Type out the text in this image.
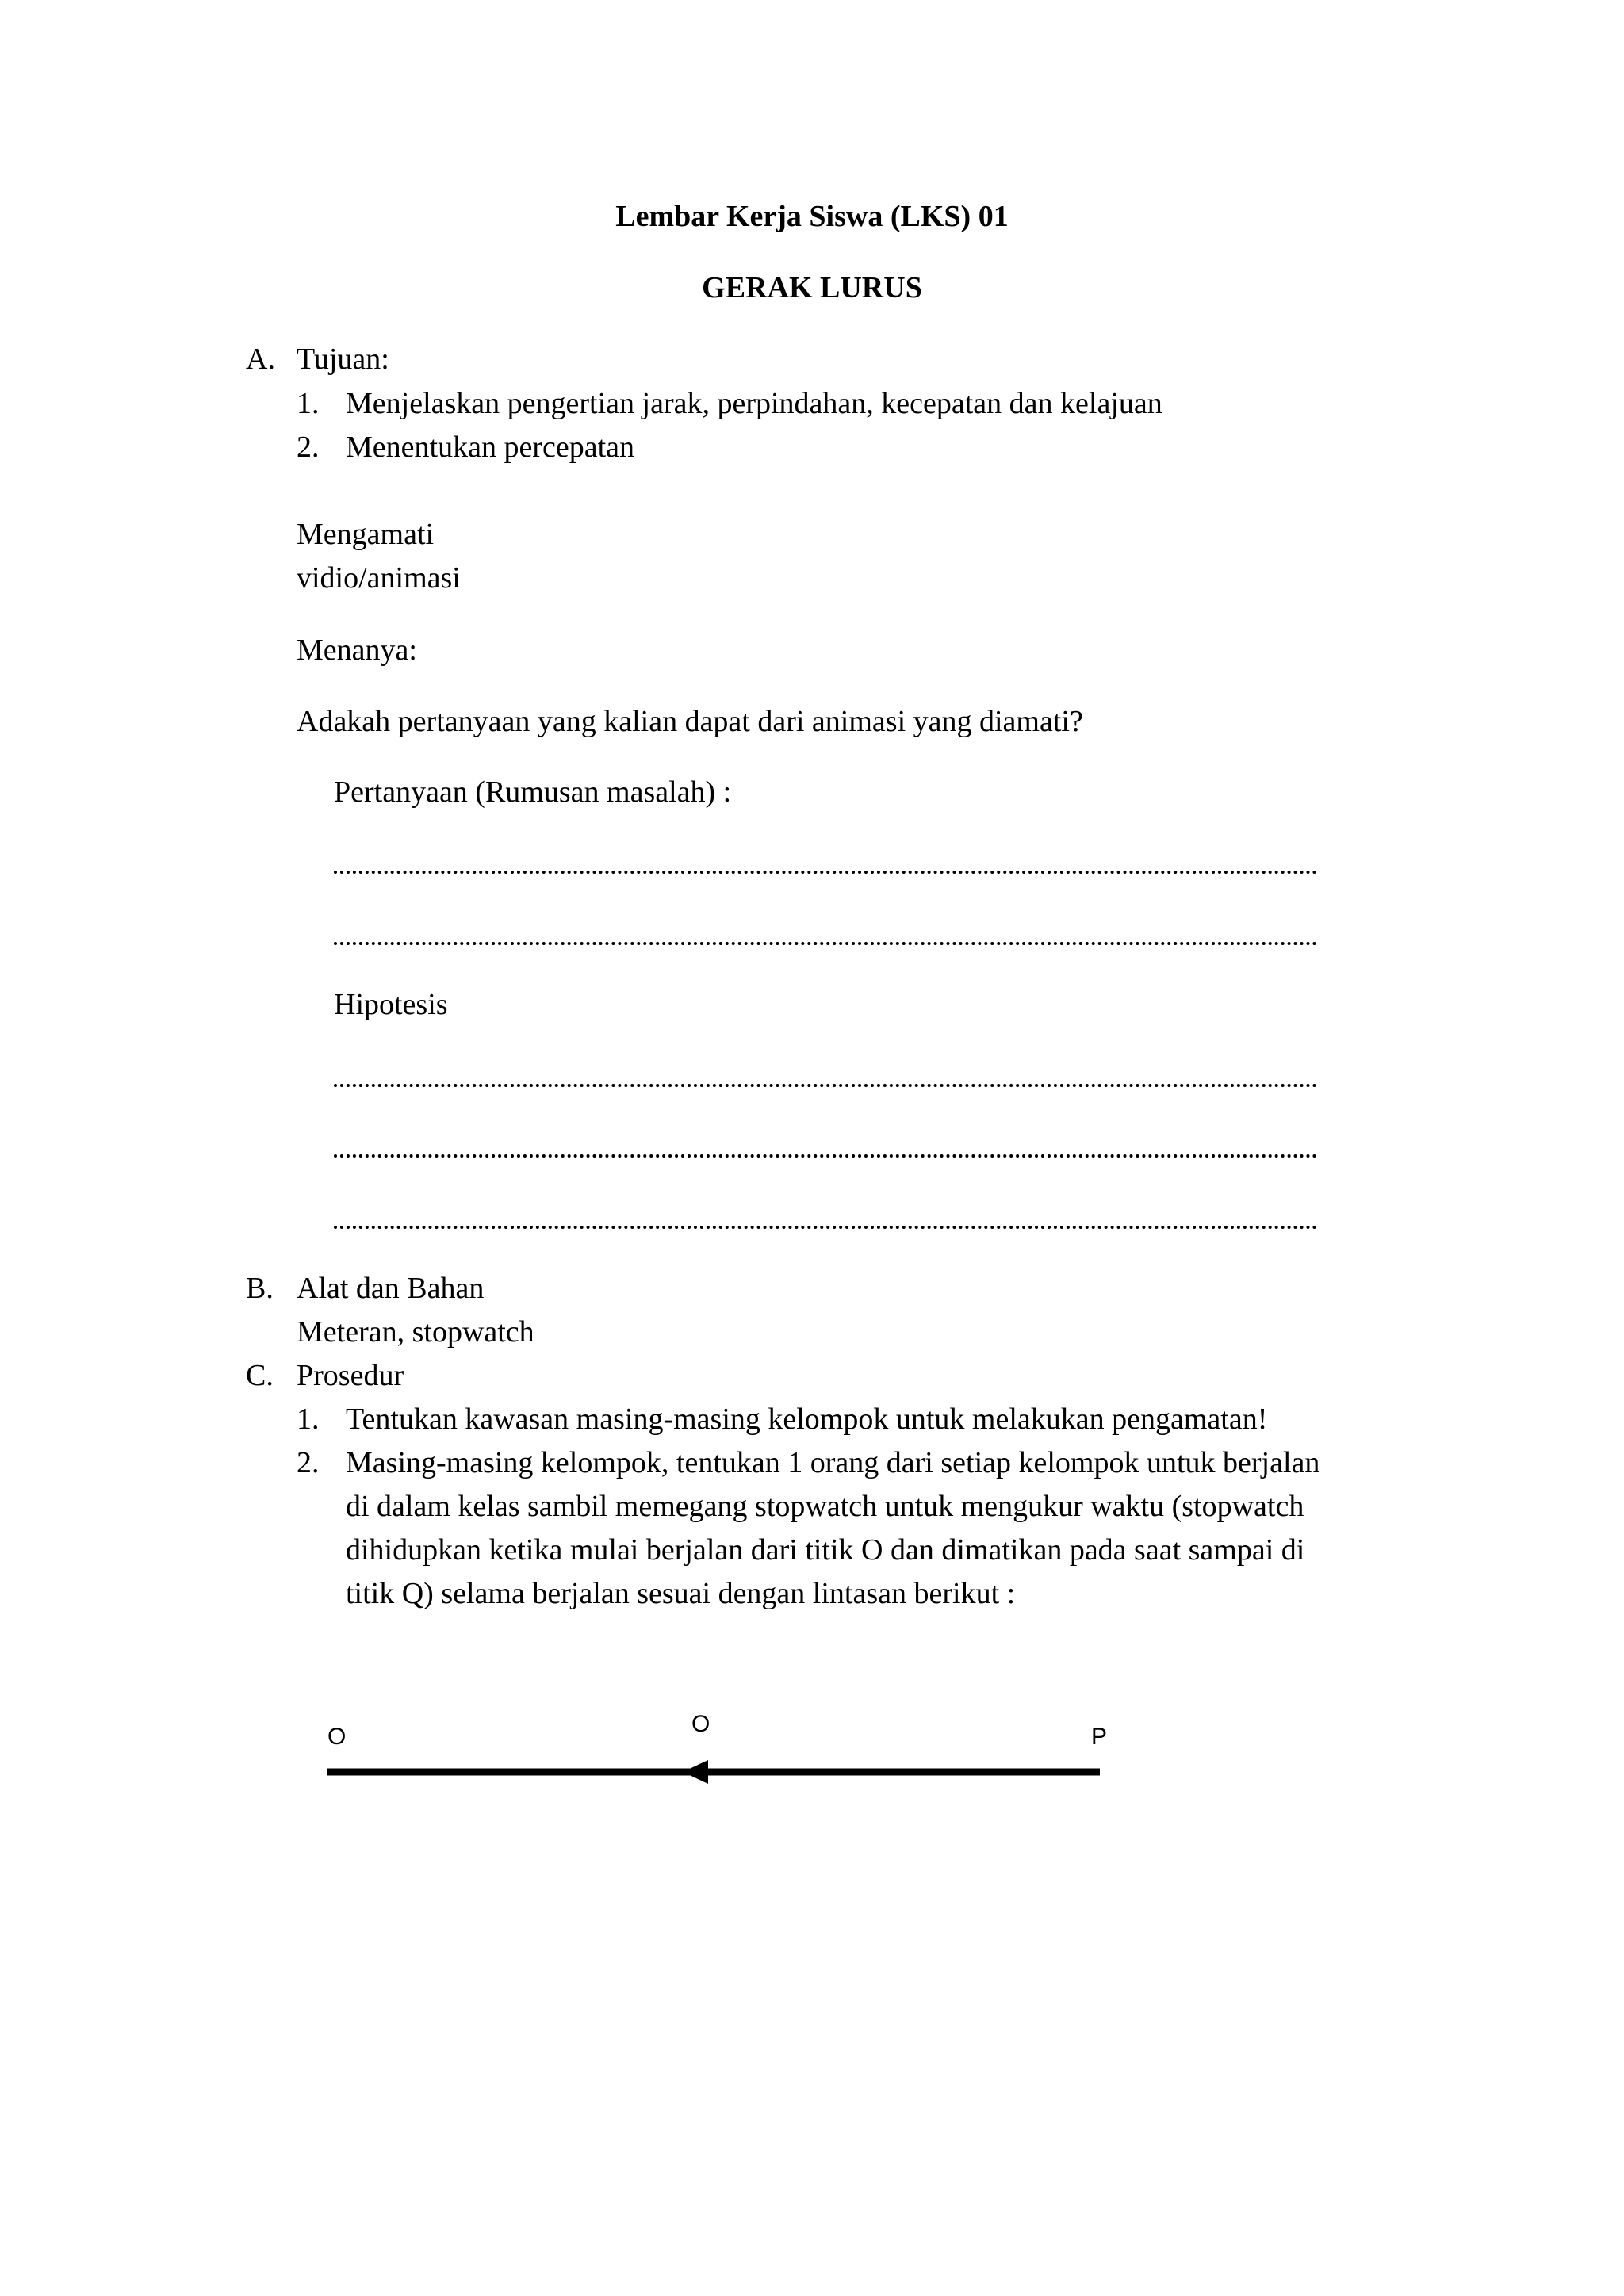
Lembar Kerja Siswa (LKS) 01
GERAK LURUS
A. Tujuan:
1. Menjelaskan pengertian jarak, perpindahan, kecepatan dan kelajuan
2. Menentukan percepatan
Mengamati
vidio/animasi
Menanya:
Adakah pertanyaan yang kalian dapat dari animasi yang diamati?
Pertanyaan (Rumusan masalah) :
Hipotesis
B. Alat dan Bahan
Meteran, stopwatch
C. Prosedur
1. Tentukan kawasan masing-masing kelompok untuk melakukan pengamatan!
2. Masing-masing kelompok, tentukan 1 orang dari setiap kelompok untuk berjalan
di dalam kelas sambil memegang stopwatch untuk mengukur waktu (stopwatch
dihidupkan ketika mulai berjalan dari titik O dan dimatikan pada saat sampai di
titik Q) selama berjalan sesuai dengan lintasan berikut :
O	O	P
